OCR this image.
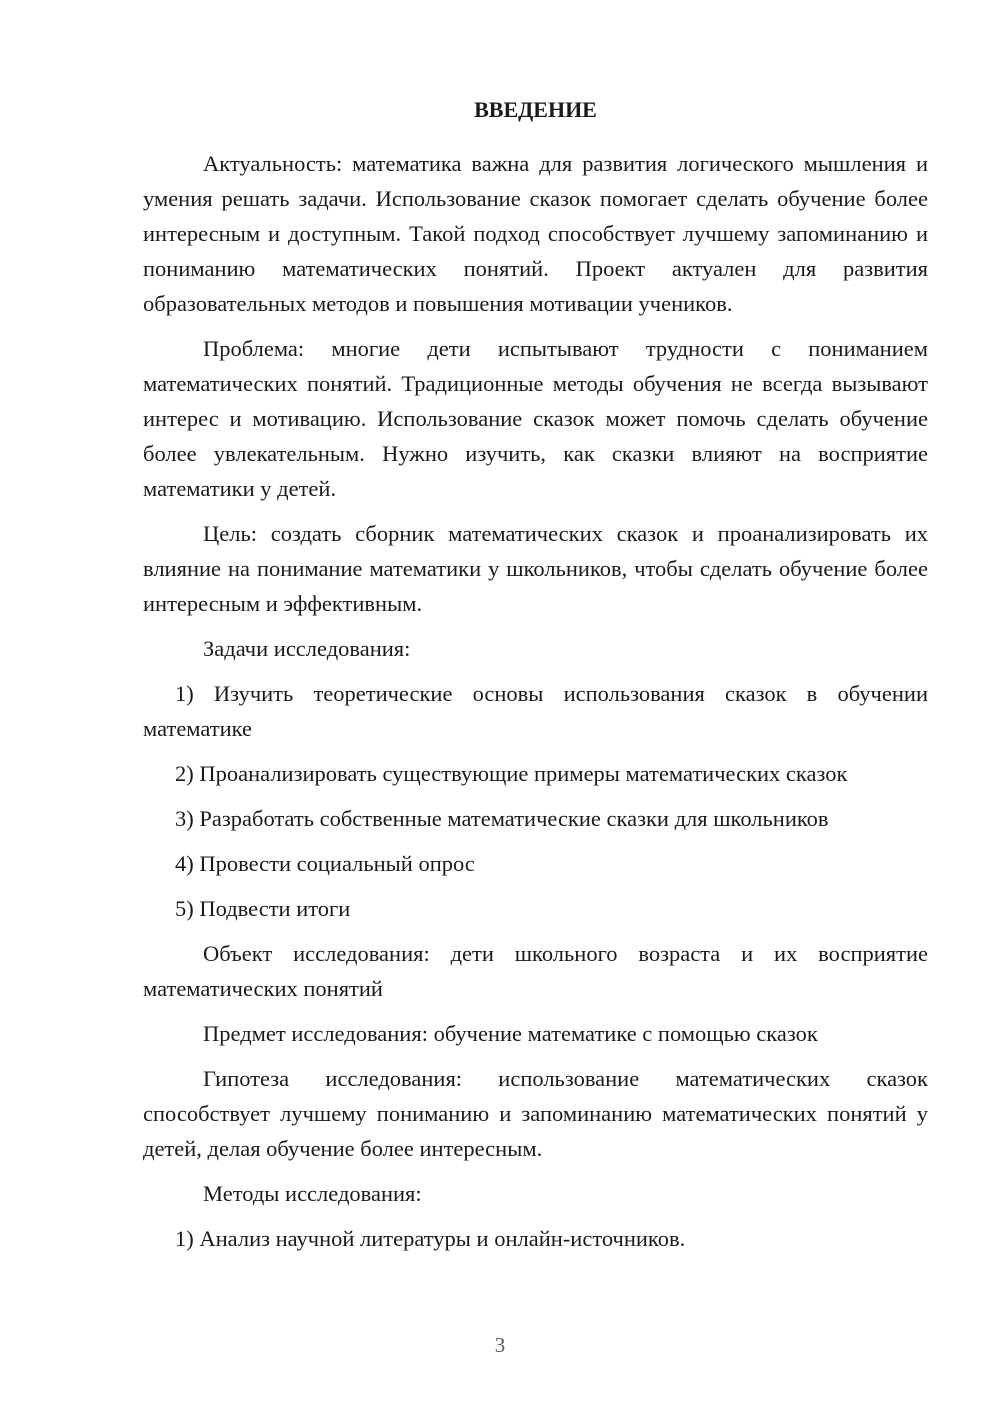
ВВЕДЕНИЕ

Актуальность: математика важна для развития логического мышления и умения решать задачи. Использование сказок помогает сделать обучение более интересным и доступным. Такой подход способствует лучшему запоминанию и пониманию математических понятий. Проект актуален для развития образовательных методов и повышения мотивации учеников.

Проблема: многие дети испытывают трудности с пониманием математических понятий. Традиционные методы обучения не всегда вызывают интерес и мотивацию. Использование сказок может помочь сделать обучение более увлекательным. Нужно изучить, как сказки влияют на восприятие математики у детей.

Цель: создать сборник математических сказок и проанализировать их влияние на понимание математики у школьников, чтобы сделать обучение более интересным и эффективным.

Задачи исследования:

1) Изучить теоретические основы использования сказок в обучении математике

2) Проанализировать существующие примеры математических сказок

3) Разработать собственные математические сказки для школьников

4) Провести социальный опрос

5) Подвести итоги

Объект исследования: дети школьного возраста и их восприятие математических понятий

Предмет исследования: обучение математике с помощью сказок

Гипотеза исследования: использование математических сказок способствует лучшему пониманию и запоминанию математических понятий у детей, делая обучение более интересным.

Методы исследования:

1) Анализ научной литературы и онлайн-источников.

3
